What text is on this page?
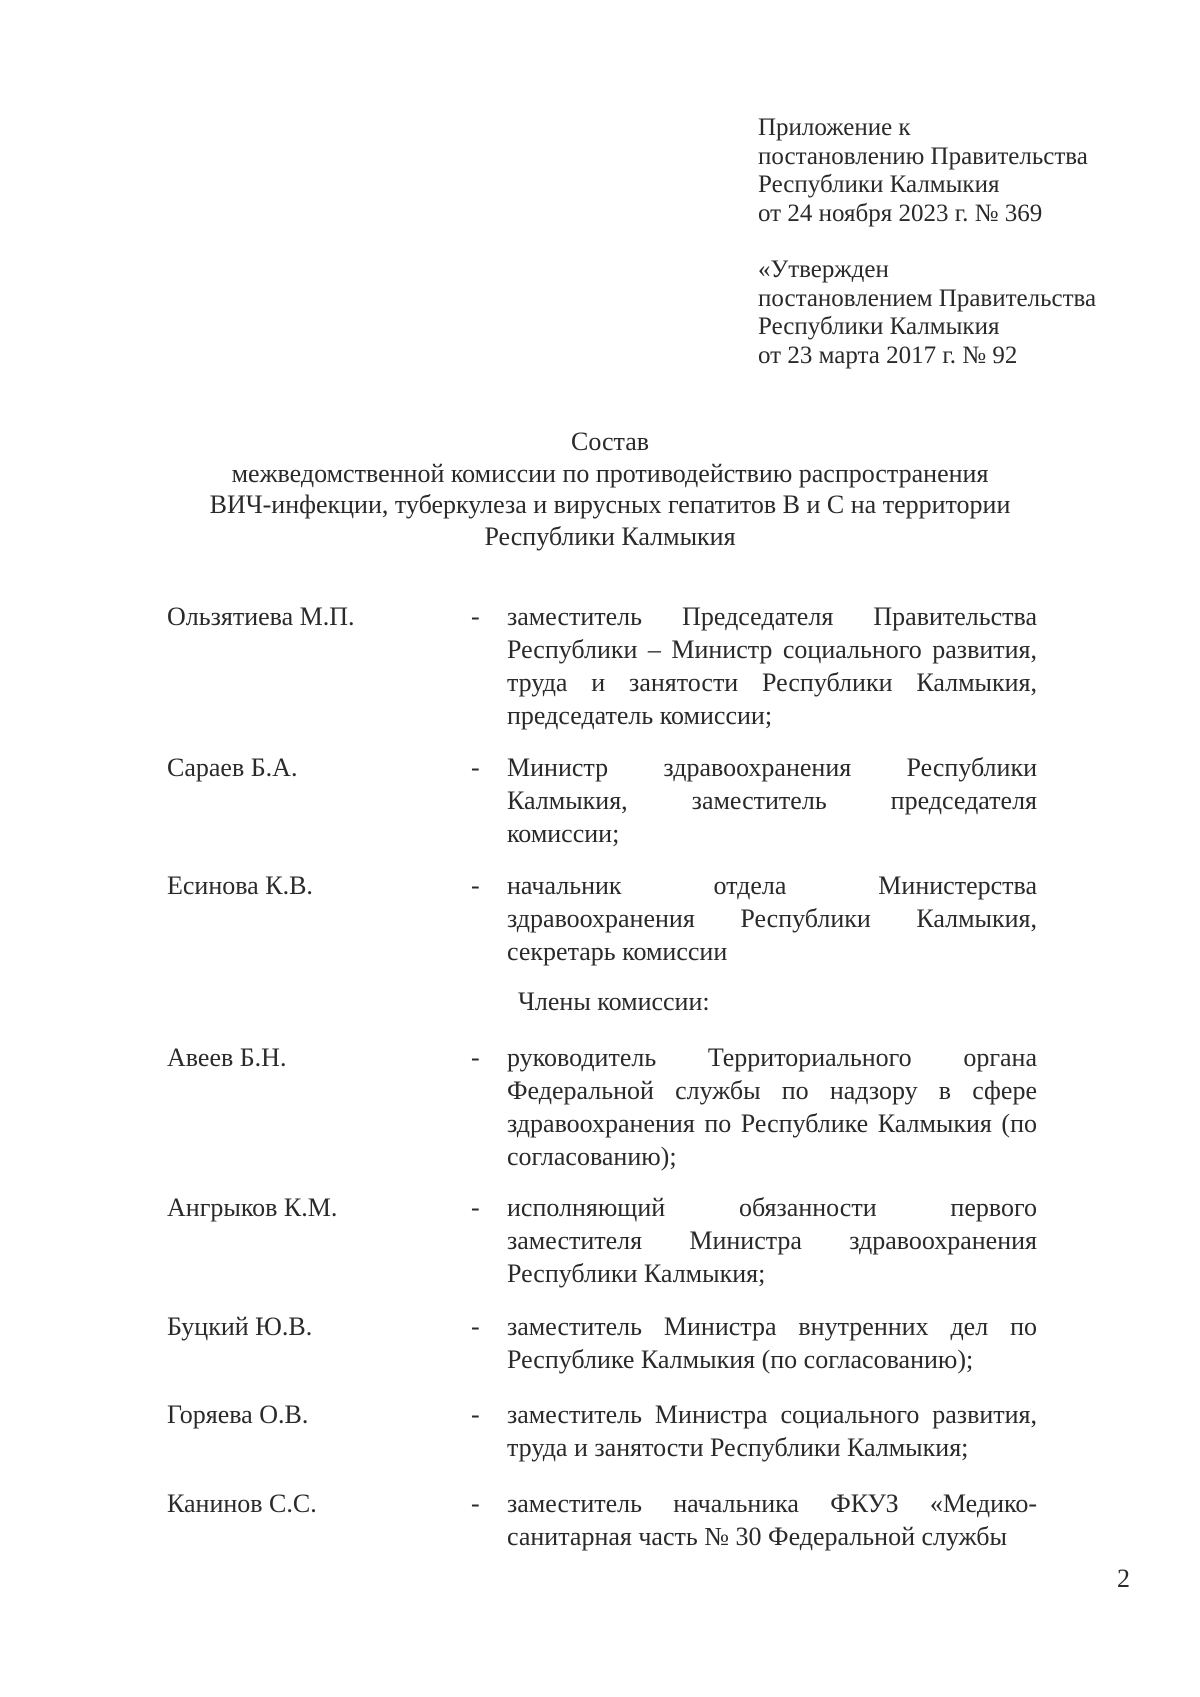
Приложение к
постановлению Правительства
Республики Калмыкия
от 24 ноября 2023 г. № 369
«Утвержден
постановлением Правительства
Республики Калмыкия
от 23 марта 2017 г. № 92
Состав
межведомственной комиссии по противодействию распространения
ВИЧ-инфекции, туберкулеза и вирусных гепатитов В и С на территории
Республики Калмыкия
Ользятиева М.П.	- заместитель Председателя Правительства Республики – Министр социального развития, труда и занятости Республики Калмыкия, председатель комиссии;
Сараев Б.А.	- Министр здравоохранения Республики Калмыкия, заместитель председателя комиссии;
Есинова К.В.	- начальник отдела Министерства здравоохранения Республики Калмыкия, секретарь комиссии
Члены комиссии:
Авеев Б.Н.	- руководитель Территориального органа Федеральной службы по надзору в сфере здравоохранения по Республике Калмыкия (по согласованию);
Ангрыков К.М.	- исполняющий обязанности первого заместителя Министра здравоохранения Республики Калмыкия;
Буцкий Ю.В.	- заместитель Министра внутренних дел по Республике Калмыкия (по согласованию);
Горяева О.В.	- заместитель Министра социального развития, труда и занятости Республики Калмыкия;
Канинов С.С.	- заместитель начальника ФКУЗ «Медико-санитарная часть № 30 Федеральной службы
2
